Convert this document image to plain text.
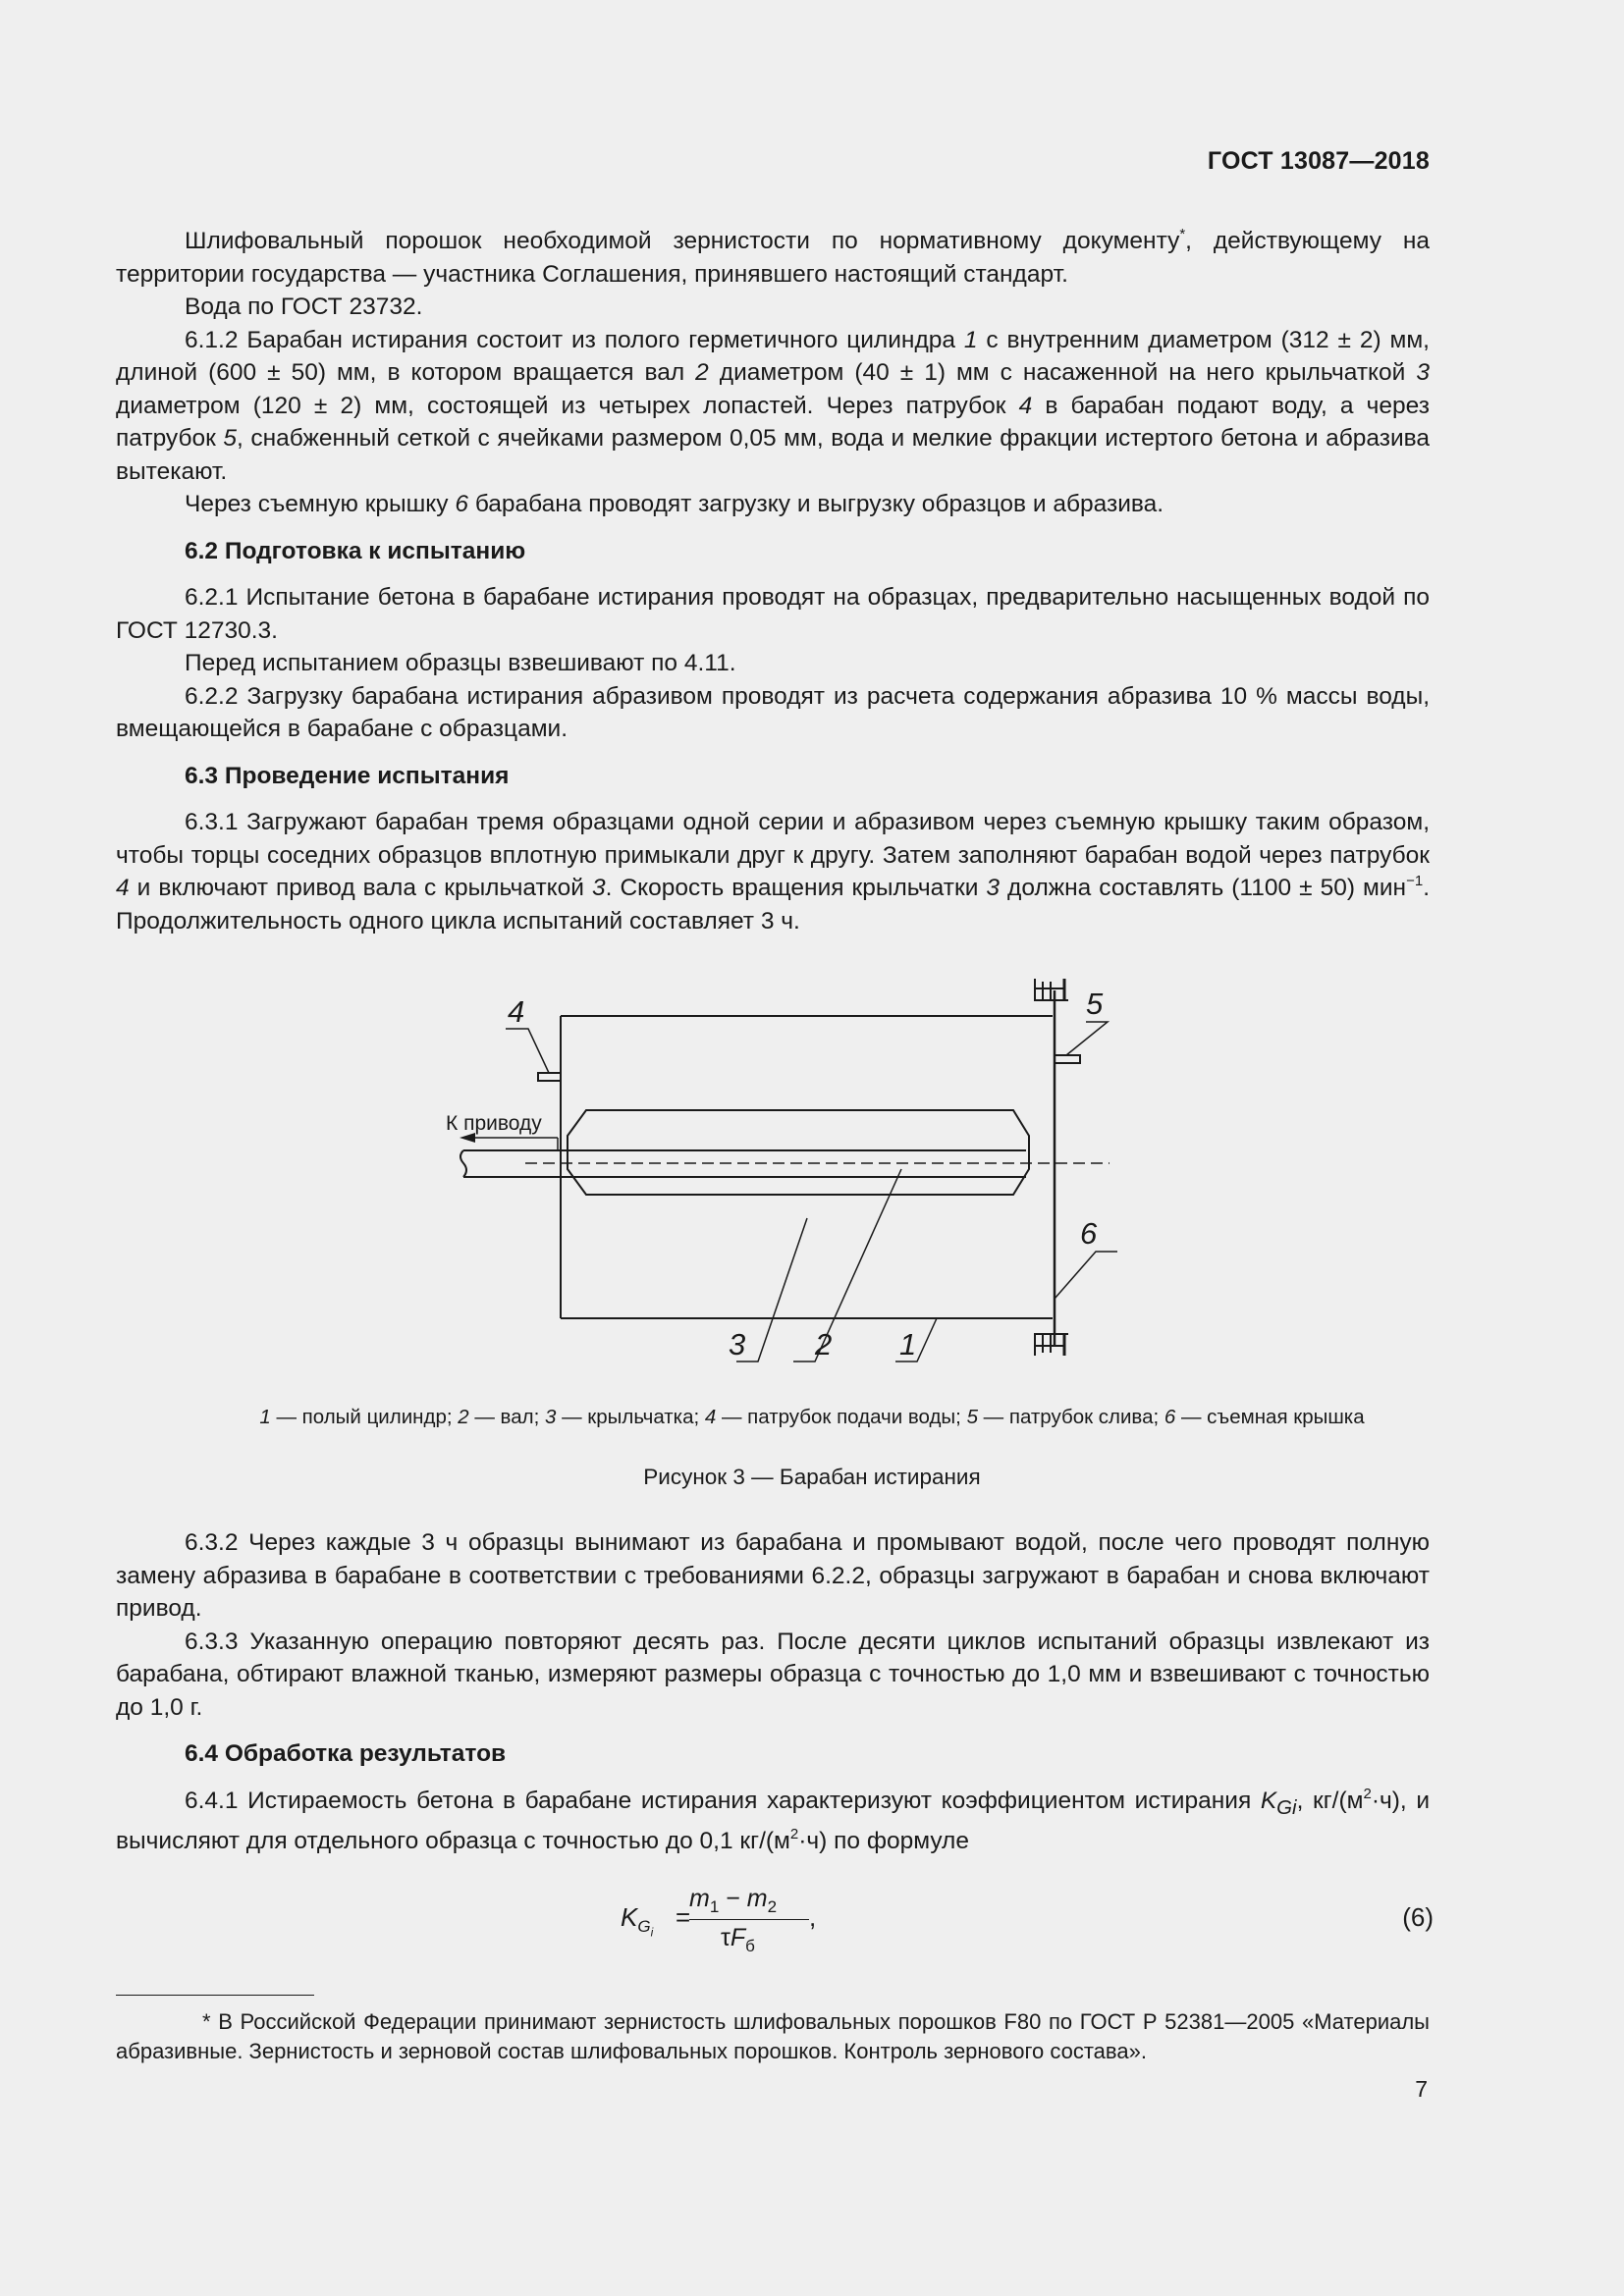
ГОСТ 13087—2018

Шлифовальный порошок необходимой зернистости по нормативному документу*, действующему на территории государства — участника Соглашения, принявшего настоящий стандарт.

Вода по ГОСТ 23732.

6.1.2 Барабан истирания состоит из полого герметичного цилиндра 1 с внутренним диаметром (312 ± 2) мм, длиной (600 ± 50) мм, в котором вращается вал 2 диаметром (40 ± 1) мм с насаженной на него крыльчаткой 3 диаметром (120 ± 2) мм, состоящей из четырех лопастей. Через патрубок 4 в барабан подают воду, а через патрубок 5, снабженный сеткой с ячейками размером 0,05 мм, вода и мелкие фракции истертого бетона и абразива вытекают.

Через съемную крышку 6 барабана проводят загрузку и выгрузку образцов и абразива.

6.2 Подготовка к испытанию

6.2.1 Испытание бетона в барабане истирания проводят на образцах, предварительно насыщенных водой по ГОСТ 12730.3.

Перед испытанием образцы взвешивают по 4.11.

6.2.2 Загрузку барабана истирания абразивом проводят из расчета содержания абразива 10 % массы воды, вмещающейся в барабане с образцами.

6.3 Проведение испытания

6.3.1 Загружают барабан тремя образцами одной серии и абразивом через съемную крышку таким образом, чтобы торцы соседних образцов вплотную примыкали друг к другу. Затем заполняют барабан водой через патрубок 4 и включают привод вала с крыльчаткой 3. Скорость вращения крыльчатки 3 должна составлять (1100 ± 50) мин$^{-1}$. Продолжительность одного цикла испытаний составляет 3 ч.

4	5
6
3 2 1
К приводу
1 — полый цилиндр; 2 — вал; 3 — крыльчатка; 4 — патрубок подачи воды; 5 — патрубок слива; 6 — съемная крышка
Рисунок 3 — Барабан истирания

6.3.2 Через каждые 3 ч образцы вынимают из барабана и промывают водой, после чего проводят полную замену абразива в барабане в соответствии с требованиями 6.2.2, образцы загружают в барабан и снова включают привод.

6.3.3 Указанную операцию повторяют десять раз. После десяти циклов испытаний образцы извлекают из барабана, обтирают влажной тканью, измеряют размеры образца с точностью до 1,0 мм и взвешивают с точностью до 1,0 г.

6.4 Обработка результатов

6.4.1 Истираемость бетона в барабане истирания характеризуют коэффициентом истирания $K_{Gi}$, $кг/(м^2\cdot ч)$, и вычисляют для отдельного образца с точностью до 0,1 $кг/(м^2\cdot ч)$ по формуле

$K_{G_i}$
=
$m_1 - m_2$
$\tau F_б$
,	(6)

* В Российской Федерации принимают зернистость шлифовальных порошков F80 по ГОСТ Р 52381—2005 «Материалы абразивные. Зернистость и зерновой состав шлифовальных порошков. Контроль зернового состава».

7
